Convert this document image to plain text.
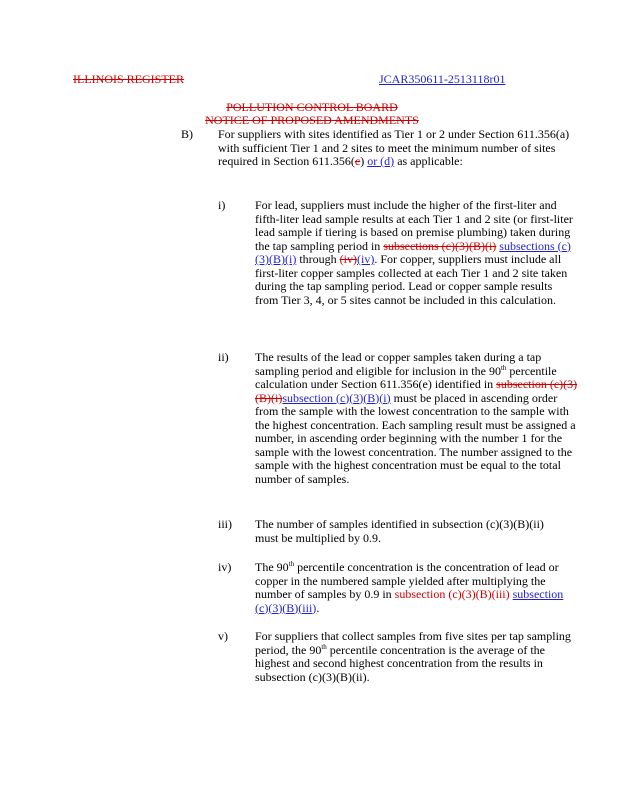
ILLINOIS REGISTER	JCAR350611-2513118r01
POLLUTION CONTROL BOARD
NOTICE OF PROPOSED AMENDMENTS
B) For suppliers with sites identified as Tier 1 or 2 under Section 611.356(a) with sufficient Tier 1 and 2 sites to meet the minimum number of sites required in Section 611.356(c) or (d) as applicable:

i) For lead, suppliers must include the higher of the first-liter and fifth-liter lead sample results at each Tier 1 and 2 site (or first-liter lead sample if tiering is based on premise plumbing) taken during the tap sampling period in subsections (c)(3)(B)(i) subsections (c)(3)(B)(i) through (iv)(iv). For copper, suppliers must include all first-liter copper samples collected at each Tier 1 and 2 site taken during the tap sampling period. Lead or copper sample results from Tier 3, 4, or 5 sites cannot be included in this calculation.

ii) The results of the lead or copper samples taken during a tap sampling period and eligible for inclusion in the 90th percentile calculation under Section 611.356(e) identified in subsection (c)(3)(B)(i)subsection (c)(3)(B)(i) must be placed in ascending order from the sample with the lowest concentration to the sample with the highest concentration. Each sampling result must be assigned a number, in ascending order beginning with the number 1 for the sample with the lowest concentration. The number assigned to the sample with the highest concentration must be equal to the total number of samples.

iii) The number of samples identified in subsection (c)(3)(B)(ii) must be multiplied by 0.9.

iv) The 90th percentile concentration is the concentration of lead or copper in the numbered sample yielded after multiplying the number of samples by 0.9 in subsection (c)(3)(B)(iii) subsection (c)(3)(B)(iii).

v) For suppliers that collect samples from five sites per tap sampling period, the 90th percentile concentration is the average of the highest and second highest concentration from the results in subsection (c)(3)(B)(ii).
